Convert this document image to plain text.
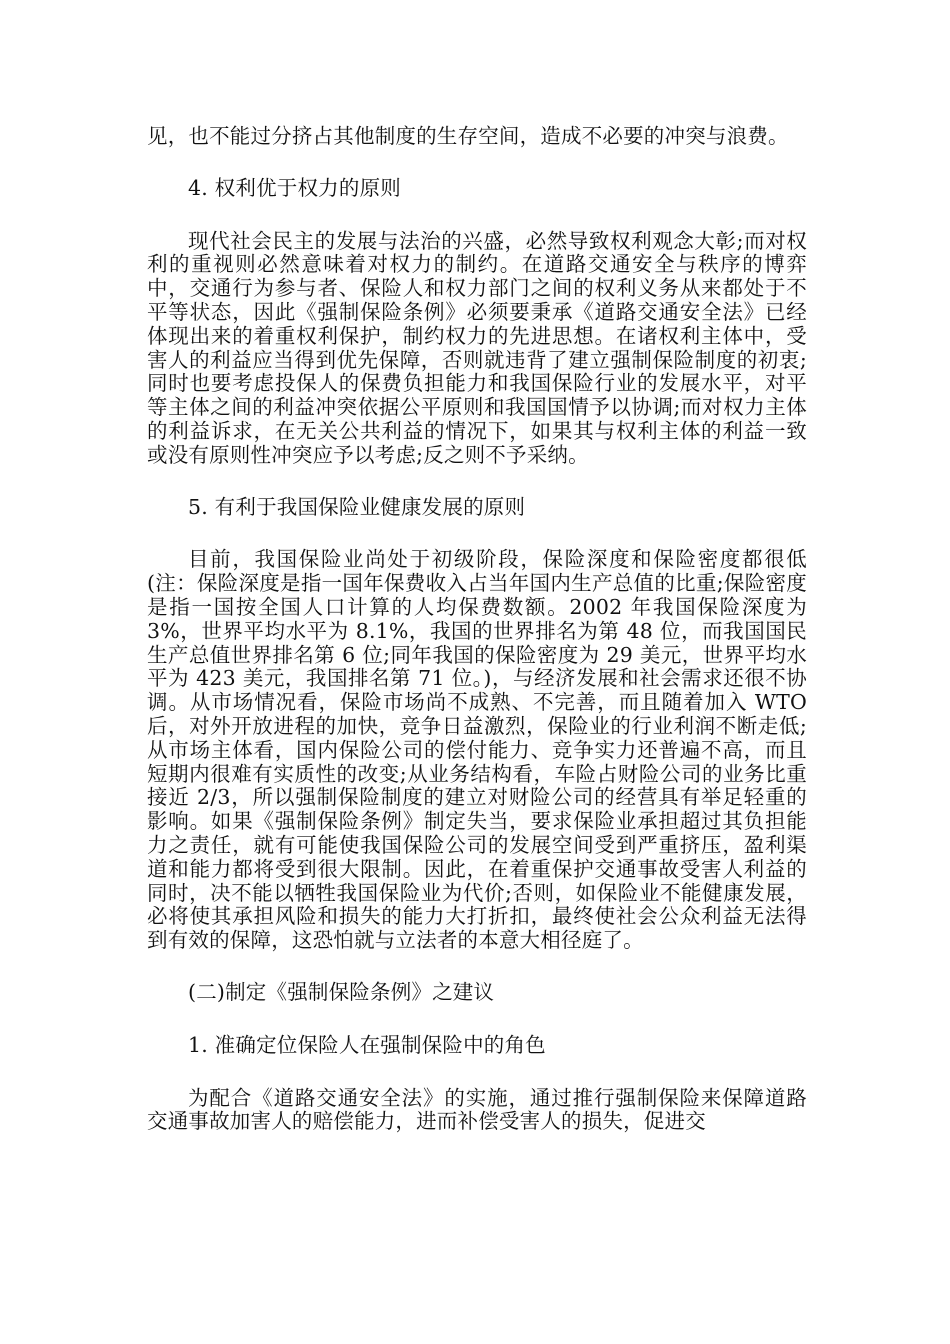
见，也不能过分挤占其他制度的生存空间，造成不必要的冲突与浪费。

4. 权利优于权力的原则

现代社会民主的发展与法治的兴盛，必然导致权利观念大彰;而对权利的重视则必然意味着对权力的制约。在道路交通安全与秩序的博弈中，交通行为参与者、保险人和权力部门之间的权利义务从来都处于不平等状态，因此《强制保险条例》必须要秉承《道路交通安全法》已经体现出来的着重权利保护，制约权力的先进思想。在诸权利主体中，受害人的利益应当得到优先保障，否则就违背了建立强制保险制度的初衷;同时也要考虑投保人的保费负担能力和我国保险行业的发展水平，对平等主体之间的利益冲突依据公平原则和我国国情予以协调;而对权力主体的利益诉求，在无关公共利益的情况下，如果其与权利主体的利益一致或没有原则性冲突应予以考虑;反之则不予采纳。

5. 有利于我国保险业健康发展的原则

目前，我国保险业尚处于初级阶段，保险深度和保险密度都很低(注：保险深度是指一国年保费收入占当年国内生产总值的比重;保险密度是指一国按全国人口计算的人均保费数额。2002 年我国保险深度为 3%，世界平均水平为 8.1%，我国的世界排名为第 48 位，而我国国民生产总值世界排名第 6 位;同年我国的保险密度为 29 美元，世界平均水平为 423 美元，我国排名第 71 位。)，与经济发展和社会需求还很不协调。从市场情况看，保险市场尚不成熟、不完善，而且随着加入 WTO 后，对外开放进程的加快，竞争日益激烈，保险业的行业利润不断走低;从市场主体看，国内保险公司的偿付能力、竞争实力还普遍不高，而且短期内很难有实质性的改变;从业务结构看，车险占财险公司的业务比重接近 2/3，所以强制保险制度的建立对财险公司的经营具有举足轻重的影响。如果《强制保险条例》制定失当，要求保险业承担超过其负担能力之责任，就有可能使我国保险公司的发展空间受到严重挤压，盈利渠道和能力都将受到很大限制。因此，在着重保护交通事故受害人利益的同时，决不能以牺牲我国保险业为代价;否则，如保险业不能健康发展，必将使其承担风险和损失的能力大打折扣，最终使社会公众利益无法得到有效的保障，这恐怕就与立法者的本意大相径庭了。

(二)制定《强制保险条例》之建议

1. 准确定位保险人在强制保险中的角色

为配合《道路交通安全法》的实施，通过推行强制保险来保障道路交通事故加害人的赔偿能力，进而补偿受害人的损失，促进交
